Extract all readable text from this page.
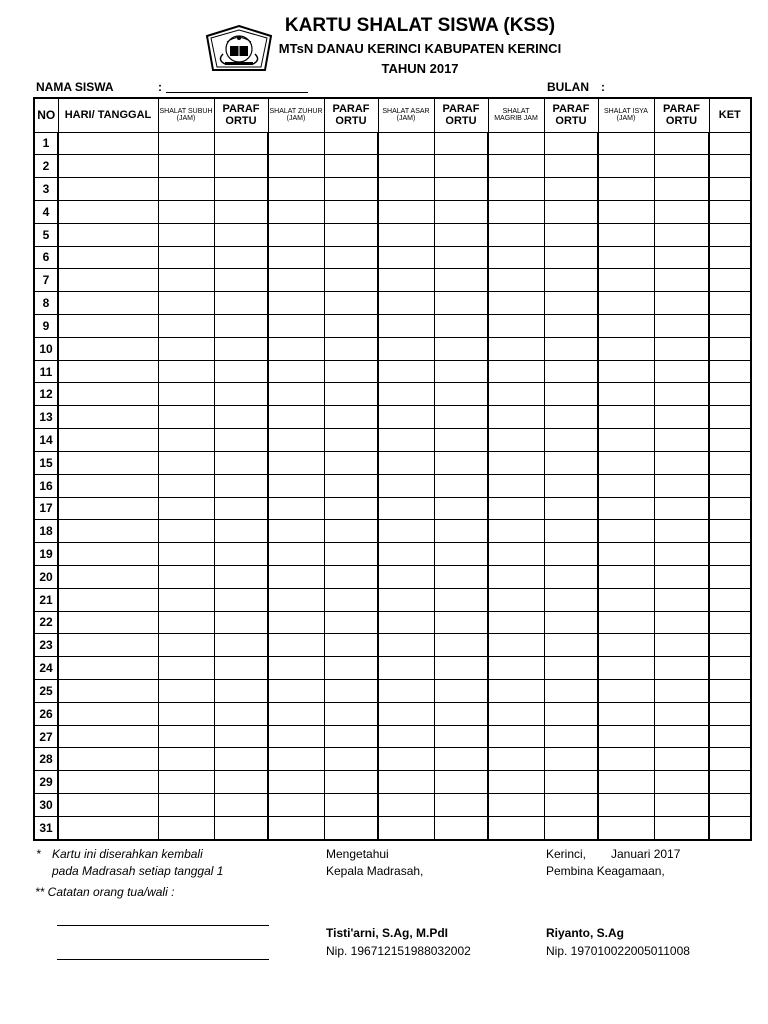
KARTU SHALAT SISWA (KSS)
MTsN DANAU KERINCI KABUPATEN KERINCI
TAHUN 2017
NAMA SISWA	:	BULAN :
NO	HARI/ TANGGAL	SHALAT SUBUH (JAM)	PARAF ORTU	SHALAT ZUHUR (JAM)	PARAF ORTU	SHALAT ASAR (JAM)	PARAF ORTU	SHALAT MAGRIB JAM	PARAF ORTU	SHALAT ISYA (JAM)	PARAF ORTU	KET
1												
2												
3												
4												
5												
6												
7												
8												
9												
10												
11												
12												
13												
14												
15												
16												
17												
18												
19												
20												
21												
22												
23												
24												
25												
26												
27												
28												
29												
30												
31												
* Kartu ini diserahkan kembali
pada Madrasah setiap tanggal 1
** Catatan orang tua/wali :
Mengetahui
Kepala Madrasah,
Tisti'arni, S.Ag, M.PdI
Nip. 196712151988032002
Kerinci, Januari 2017
Pembina Keagamaan,
Riyanto, S.Ag
Nip. 197010022005011008
